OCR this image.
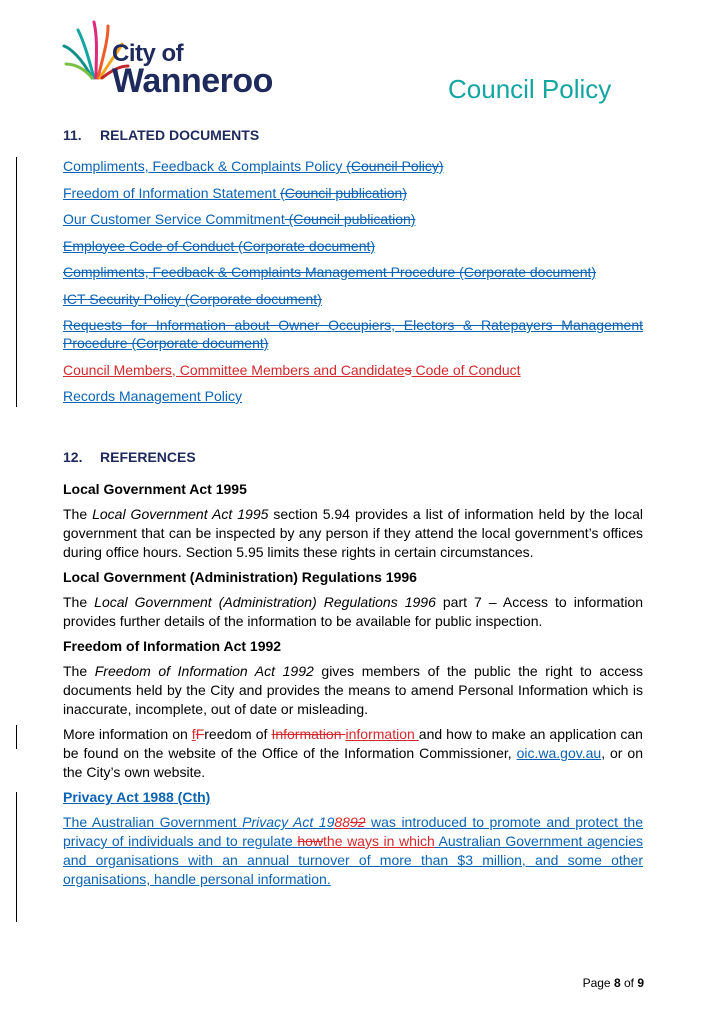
City of
Wanneroo	Council Policy
11. RELATED DOCUMENTS
Compliments, Feedback & Complaints Policy (Council Policy)
Freedom of Information Statement (Council publication)
Our Customer Service Commitment (Council publication)
Employee Code of Conduct (Corporate document)
Compliments, Feedback & Complaints Management Procedure (Corporate document)
ICT Security Policy (Corporate document)
Requests for Information about Owner Occupiers, Electors & Ratepayers Management Procedure (Corporate document)
Council Members, Committee Members and Candidates Code of Conduct
Records Management Policy
12. REFERENCES
Local Government Act 1995
The Local Government Act 1995 section 5.94 provides a list of information held by the local government that can be inspected by any person if they attend the local government’s offices during office hours. Section 5.95 limits these rights in certain circumstances.
Local Government (Administration) Regulations 1996
The Local Government (Administration) Regulations 1996 part 7 – Access to information provides further details of the information to be available for public inspection.
Freedom of Information Act 1992
The Freedom of Information Act 1992 gives members of the public the right to access documents held by the City and provides the means to amend Personal Information which is inaccurate, incomplete, out of date or misleading.
More information on fFreedom of Information information and how to make an application can be found on the website of the Office of the Information Commissioner, oic.wa.gov.au, or on the City’s own website.
Privacy Act 1988 (Cth)
The Australian Government Privacy Act 198892 was introduced to promote and protect the privacy of individuals and to regulate howthe ways in which Australian Government agencies and organisations with an annual turnover of more than $3 million, and some other organisations, handle personal information.
Page 8 of 9
